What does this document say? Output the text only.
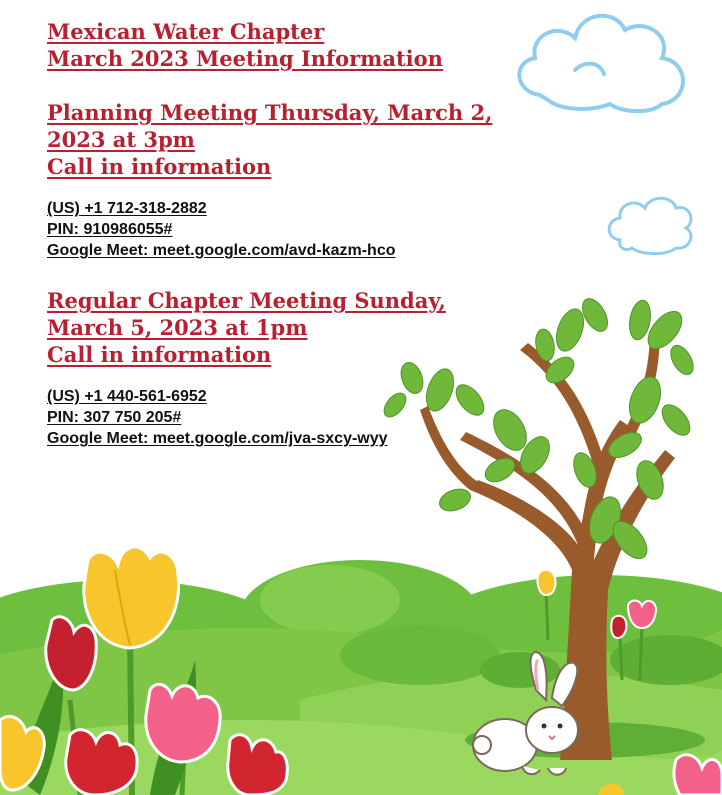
Mexican Water Chapter
March 2023 Meeting Information
Planning Meeting Thursday, March 2,
2023 at 3pm
Call in information
(US) +1 712-318-2882
PIN: 910986055#
Google Meet: meet.google.com/avd-kazm-hco
Regular Chapter Meeting Sunday,
March 5, 2023 at 1pm
Call in information
(US) +1 440-561-6952
PIN: 307 750 205#
Google Meet: meet.google.com/jva-sxcy-wyy
